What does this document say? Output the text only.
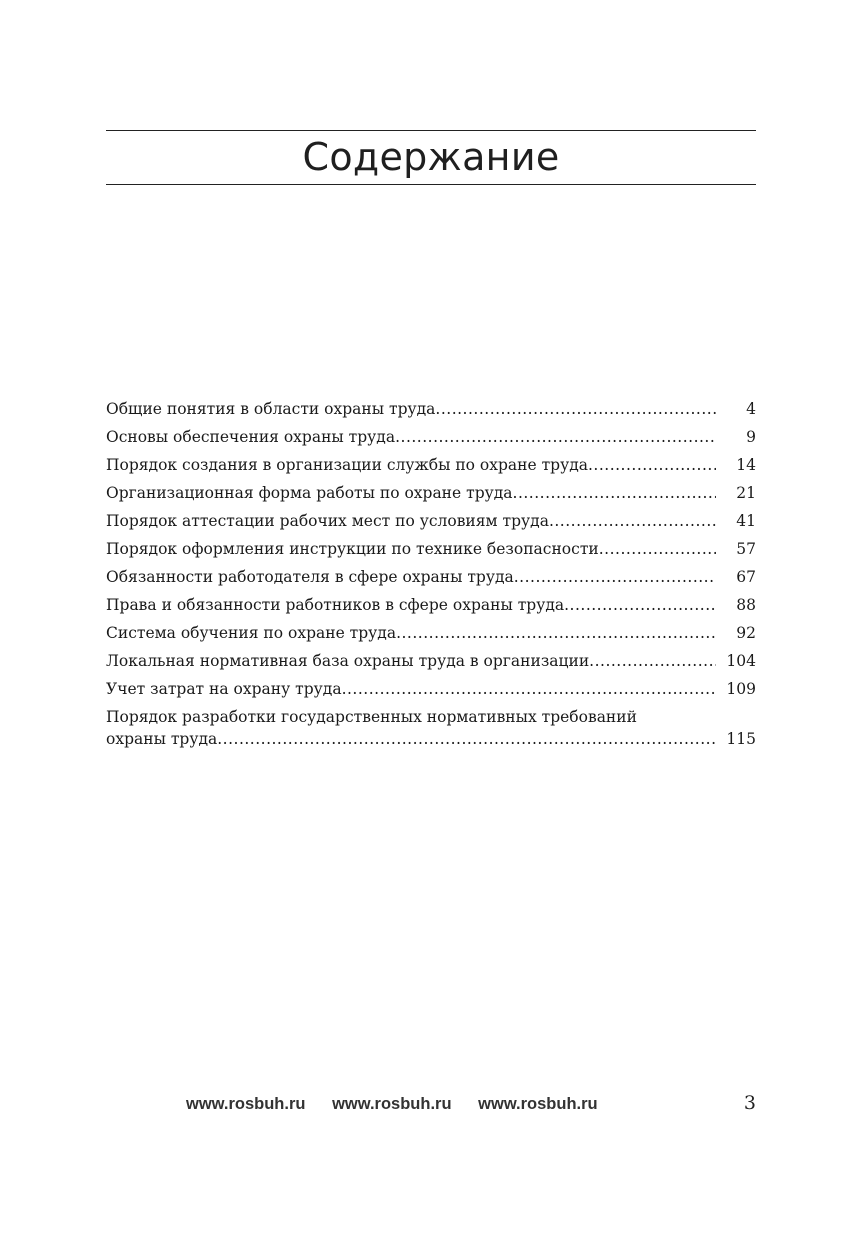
Содержание
Общие понятия в области охраны труда .....	4
Основы обеспечения охраны труда .....	9
Порядок создания в организации службы по охране труда .....	14
Организационная форма работы по охране труда .....	21
Порядок аттестации рабочих мест по условиям труда .....	41
Порядок оформления инструкции по технике безопасности .....	57
Обязанности работодателя в сфере охраны труда .....	67
Права и обязанности работников в сфере охраны труда .....	88
Система обучения по охране труда .....	92
Локальная нормативная база охраны труда в организации .....	104
Учет затрат на охрану труда .....	109
Порядок разработки государственных нормативных требований
охраны труда .....	115
www.rosbuh.ru www.rosbuh.ru www.rosbuh.ru	3
